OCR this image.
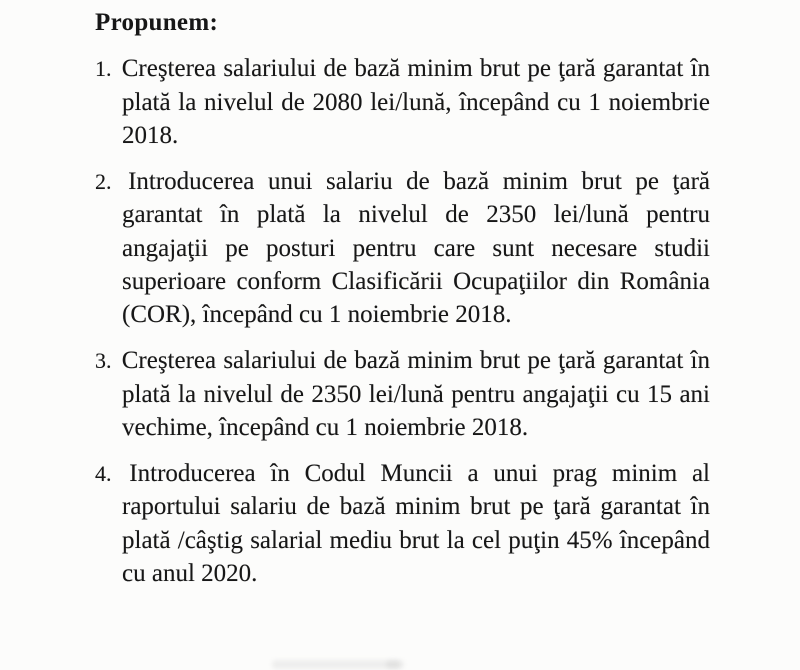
Propunem:
1. Creşterea salariului de bază minim brut pe ţară garantat în plată la nivelul de 2080 lei/lună, începând cu 1 noiembrie 2018.
2. Introducerea unui salariu de bază minim brut pe ţară garantat în plată la nivelul de 2350 lei/lună pentru angajaţii pe posturi pentru care sunt necesare studii superioare conform Clasificării Ocupaţiilor din România (COR), începând cu 1 noiembrie 2018.
3. Creşterea salariului de bază minim brut pe ţară garantat în plată la nivelul de 2350 lei/lună pentru angajaţii cu 15 ani vechime, începând cu 1 noiembrie 2018.
4. Introducerea în Codul Muncii a unui prag minim al raportului salariu de bază minim brut pe ţară garantat în plată /câştig salarial mediu brut la cel puţin 45% începând cu anul 2020.
